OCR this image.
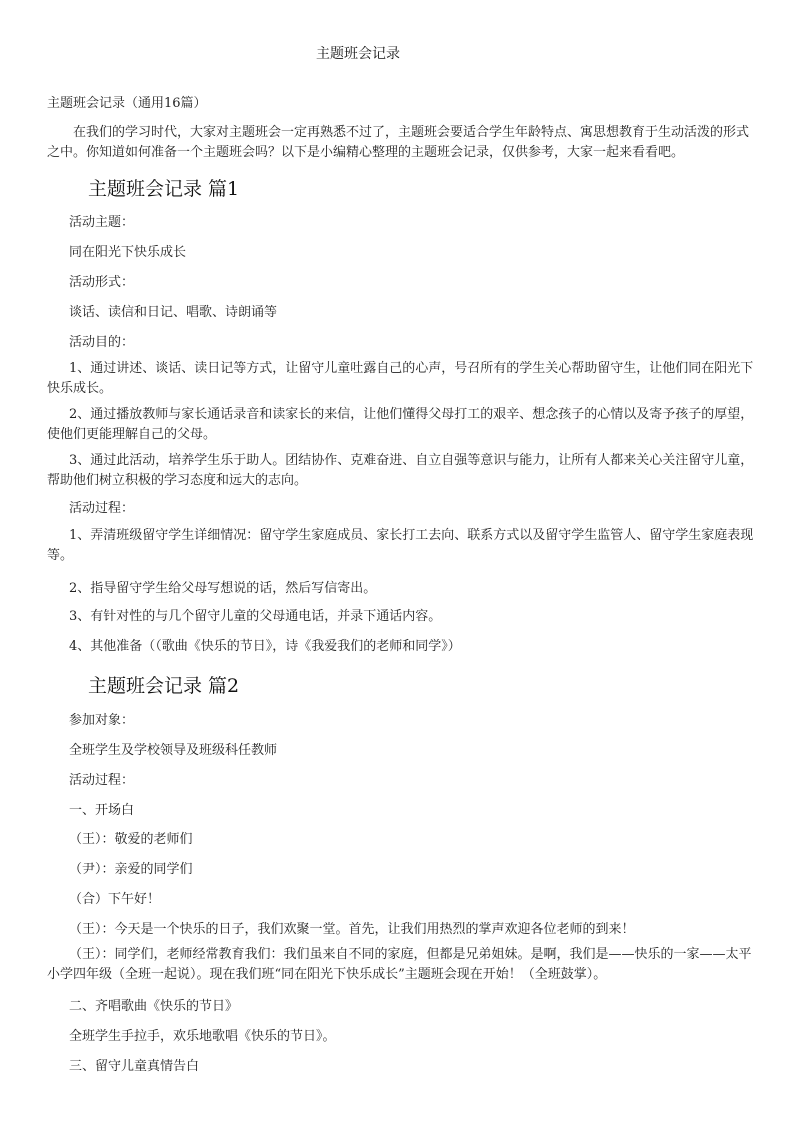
主题班会记录
主题班会记录（通用16篇）
在我们的学习时代，大家对主题班会一定再熟悉不过了，主题班会要适合学生年龄特点、寓思想教育于生动活泼的形式之中。你知道如何准备一个主题班会吗？以下是小编精心整理的主题班会记录，仅供参考，大家一起来看看吧。
主题班会记录 篇1
活动主题：
同在阳光下快乐成长
活动形式：
谈话、读信和日记、唱歌、诗朗诵等
活动目的：
1、通过讲述、谈话、读日记等方式，让留守儿童吐露自己的心声，号召所有的学生关心帮助留守生，让他们同在阳光下快乐成长。
2、通过播放教师与家长通话录音和读家长的来信，让他们懂得父母打工的艰辛、想念孩子的心情以及寄予孩子的厚望，使他们更能理解自己的父母。
3、通过此活动，培养学生乐于助人。团结协作、克难奋进、自立自强等意识与能力，让所有人都来关心关注留守儿童，帮助他们树立积极的学习态度和远大的志向。
活动过程：
1、弄清班级留守学生详细情况：留守学生家庭成员、家长打工去向、联系方式以及留守学生监管人、留守学生家庭表现等。
2、指导留守学生给父母写想说的话，然后写信寄出。
3、有针对性的与几个留守儿童的父母通电话，并录下通话内容。
4、其他准备（（歌曲《快乐的节日》，诗《我爱我们的老师和同学》）
主题班会记录 篇2
参加对象：
全班学生及学校领导及班级科任教师
活动过程：
一、开场白
（王）：敬爱的老师们
（尹）：亲爱的同学们
（合）下午好！
（王）：今天是一个快乐的日子，我们欢聚一堂。首先，让我们用热烈的掌声欢迎各位老师的到来！
（王）：同学们，老师经常教育我们：我们虽来自不同的家庭，但都是兄弟姐妹。是啊，我们是——快乐的一家——太平小学四年级（全班一起说）。现在我们班“同在阳光下快乐成长”主题班会现在开始！（全班鼓掌）。
二、齐唱歌曲《快乐的节日》
全班学生手拉手，欢乐地歌唱《快乐的节日》。
三、留守儿童真情告白
